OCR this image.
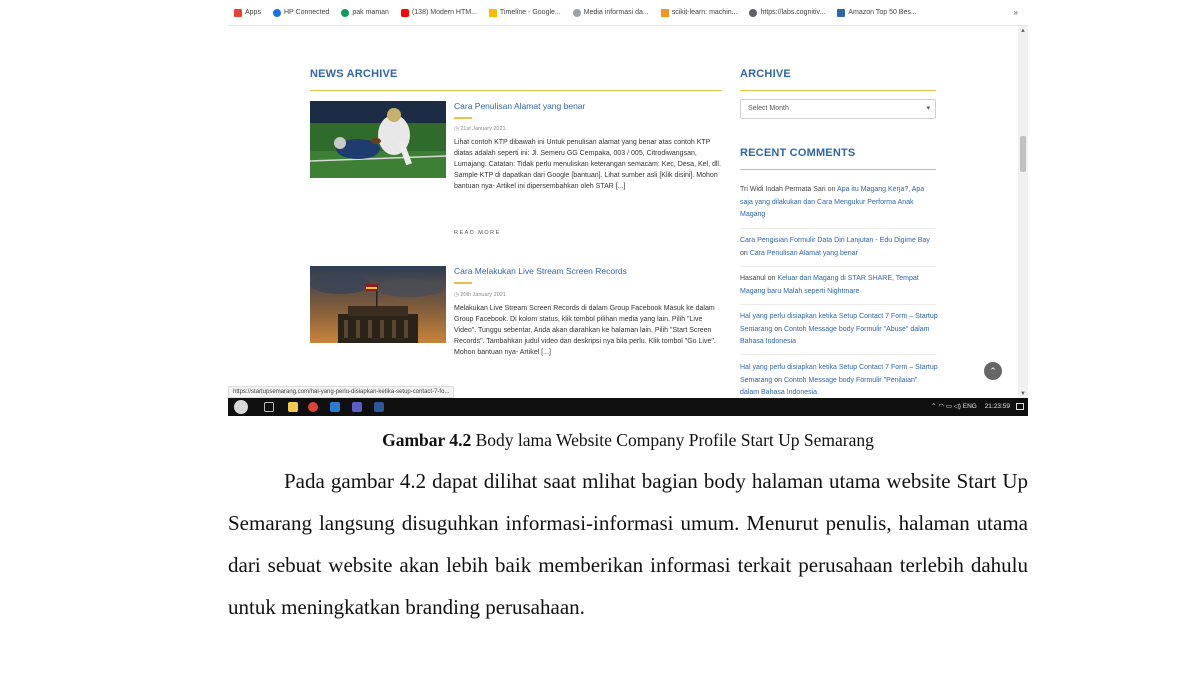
Apps	HP Connected	pak maman	(138) Modern HTM...	Timeline - Google...	Media informasi da...	scikit-learn: machin...	https://labs.cognitiv...	Amazon Top 50 Bes...	»
▲
▼
NEWS ARCHIVE
Cara Penulisan Alamat yang benar
◷ 21st January 2021
Lihat contoh KTP dibawah ini Untuk penulisan alamat yang benar atas contoh KTP diatas adalah seperti ini: Jl. Semeru GG Cempaka, 003 / 005, Citrodiwangsan, Lumajang. Catatan: Tidak perlu menuliskan keterangan semacam: Kec, Desa, Kel, dll. Sample KTP di dapatkan dari Google [bantuan]. Lihat sumber asli [Klik disini]. Mohon bantuan nya- Artikel ini dipersembahkan oleh STAR [...]
READ MORE
Cara Melakukan Live Stream Screen Records
◷ 20th January 2021
Melakukan Live Stream Screen Records di dalam Group Facebook Masuk ke dalam Group Facebook. Di kolom status, klik tombol pilihan media yang lain. Pilih "Live Video". Tunggu sebentar, Anda akan diarahkan ke halaman lain. Pilih "Start Screen Records". Tambahkan judul video dan deskripsi nya bila perlu. Klik tombol "Go Live". Mohon bantuan nya- Artikel [...]
ARCHIVE
Select Month	▾
RECENT COMMENTS
Tri Widi Indah Permata Sari on Apa itu Magang Kerja?, Apa saja yang dilakukan dan Cara Mengukur Performa Anak Magang
Cara Pengisian Formulir Data Diri Lanjutan - Edu Digime Bay on Cara Penulisan Alamat yang benar
Hasanul on Keluar dari Magang di STAR SHARE, Tempat Magang baru Malah seperti Nightmare
Hal yang perlu disiapkan ketika Setup Contact 7 Form – Startup Semarang on Contoh Message body Formulir "Abuse" dalam Bahasa Indonesia
Hal yang perlu disiapkan ketika Setup Contact 7 Form – Startup Semarang on Contoh Message body Formulir "Penilaian" dalam Bahasa Indonesia
⌃
https://startupsemarang.com/hal-yang-perlu-disiapkan-ketika-setup-contact-7-fo...
⌃ ◠ ▭ ◁) ENG 21:23:59
Gambar 4.2 Body lama Website Company Profile Start Up Semarang
Pada gambar 4.2 dapat dilihat saat mlihat bagian body halaman utama website Start Up Semarang langsung disuguhkan informasi-informasi umum. Menurut penulis, halaman utama dari sebuat website akan lebih baik memberikan informasi terkait perusahaan terlebih dahulu untuk meningkatkan branding perusahaan.
